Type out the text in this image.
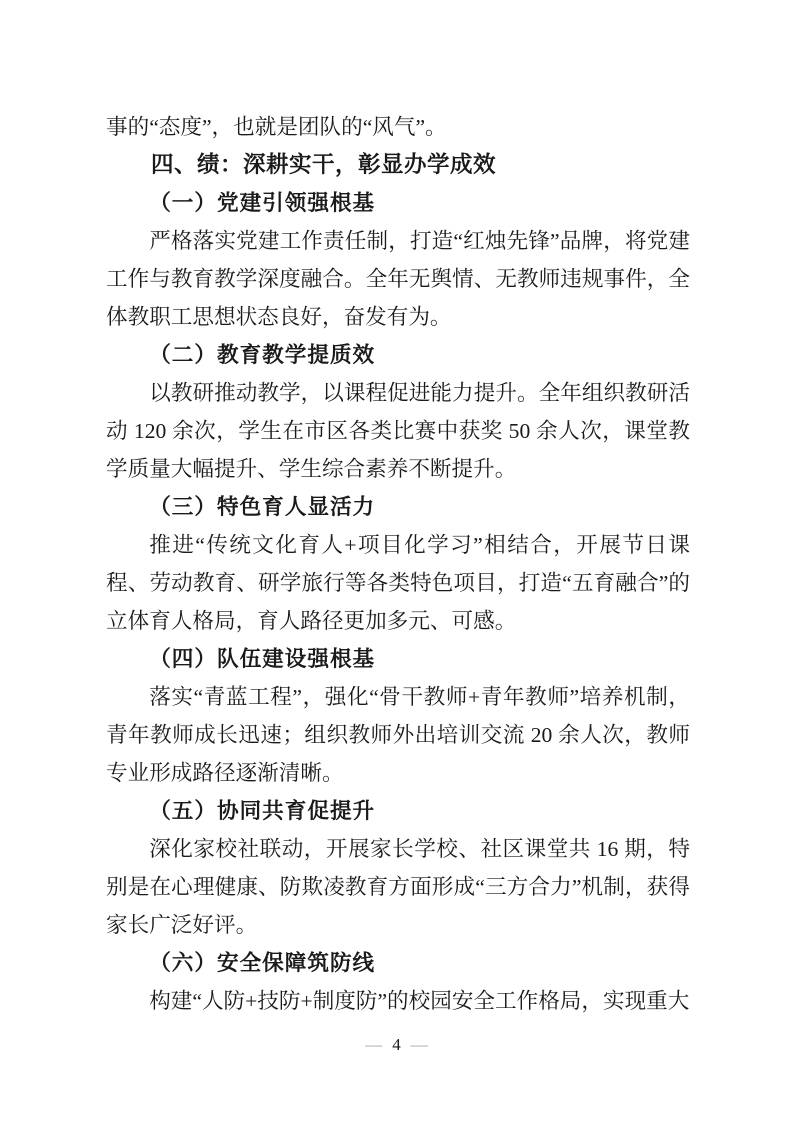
事的“态度”，也就是团队的“风气”。

四、绩：深耕实干，彰显办学成效
（一）党建引领强根基

严格落实党建工作责任制，打造“红烛先锋”品牌，将党建工作与教育教学深度融合。全年无舆情、无教师违规事件，全体教职工思想状态良好，奋发有为。

（二）教育教学提质效

以教研推动教学，以课程促进能力提升。全年组织教研活动 120 余次，学生在市区各类比赛中获奖 50 余人次，课堂教学质量大幅提升、学生综合素养不断提升。

（三）特色育人显活力

推进“传统文化育人+项目化学习”相结合，开展节日课程、劳动教育、研学旅行等各类特色项目，打造“五育融合”的立体育人格局，育人路径更加多元、可感。

（四）队伍建设强根基

落实“青蓝工程”，强化“骨干教师+青年教师”培养机制，青年教师成长迅速；组织教师外出培训交流 20 余人次，教师专业形成路径逐渐清晰。

（五）协同共育促提升

深化家校社联动，开展家长学校、社区课堂共 16 期，特别是在心理健康、防欺凌教育方面形成“三方合力”机制，获得家长广泛好评。

（六）安全保障筑防线

构建“人防+技防+制度防”的校园安全工作格局，实现重大

— 4 —
